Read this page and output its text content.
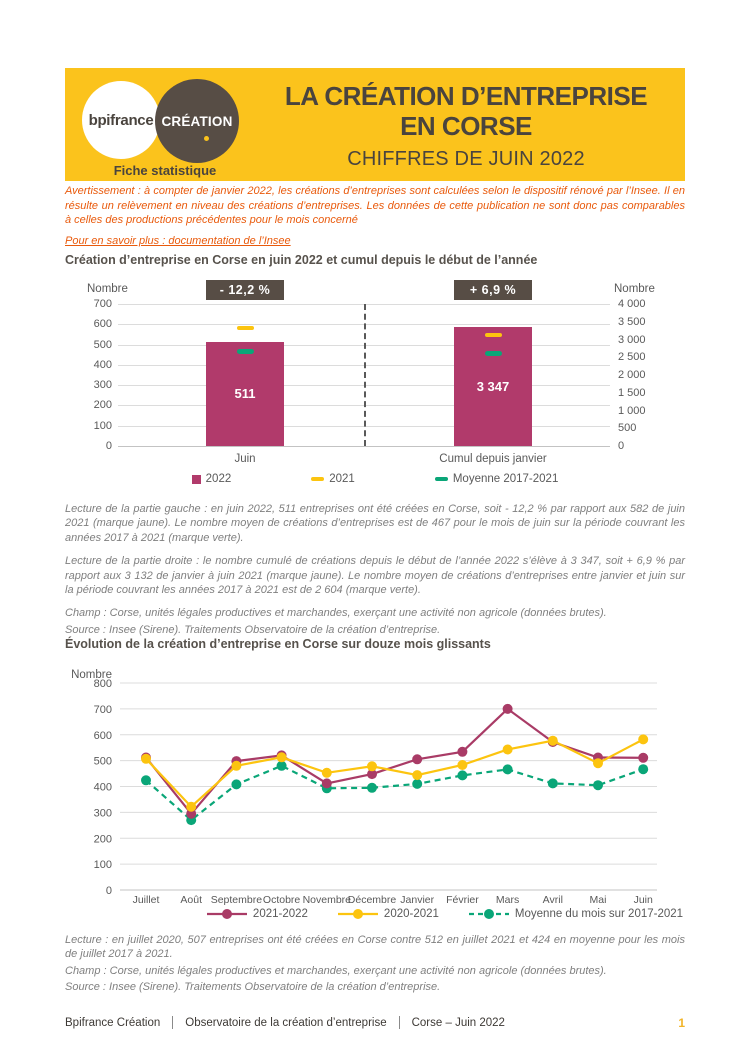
bpifrance CRÉATION
Fiche statistique
LA CRÉATION D’ENTREPRISE
EN CORSE
CHIFFRES DE JUIN 2022

Avertissement : à compter de janvier 2022, les créations d’entreprises sont calculées selon le dispositif rénové par l’Insee. Il en résulte un relèvement en niveau des créations d’entreprises. Les données de cette publication ne sont donc pas comparables à celles des productions précédentes pour le mois concerné

Pour en savoir plus : documentation de l’Insee

Création d’entreprise en Corse en juin 2022 et cumul depuis le début de l’année
0
100
200
300
400
500
600
700
0
500
1 000
1 500
2 000
2 500
3 000
3 500
4 000
Nombre	Nombre
- 12,2 %
511
Juin
+ 6,9 %
3 347
Cumul depuis janvier
2022	2021	Moyenne 2017-2021

Lecture de la partie gauche : en juin 2022, 511 entreprises ont été créées en Corse, soit - 12,2 % par rapport aux 582 de juin 2021 (marque jaune). Le nombre moyen de créations d’entreprises est de 467 pour le mois de juin sur la période couvrant les années 2017 à 2021 (marque verte).

Lecture de la partie droite : le nombre cumulé de créations depuis le début de l’année 2022 s’élève à 3 347, soit + 6,9 % par rapport aux 3 132 de janvier à juin 2021 (marque jaune). Le nombre moyen de créations d’entreprises entre janvier et juin sur la période couvrant les années 2017 à 2021 est de 2 604 (marque verte).

Champ : Corse, unités légales productives et marchandes, exerçant une activité non agricole (données brutes).

Source : Insee (Sirene). Traitements Observatoire de la création d’entreprise.

Évolution de la création d’entreprise en Corse sur douze mois glissants
0
100
200
300
400
500
600
700
800
Nombre
Juillet Août Septembre Octobre Novembre
Décembre Janvier Février Mars Avril	Mai	Juin
2021-2022	2020-2021	Moyenne du mois sur 2017-2021

Lecture : en juillet 2020, 507 entreprises ont été créées en Corse contre 512 en juillet 2021 et 424 en moyenne pour les mois de juillet 2017 à 2021.

Champ : Corse, unités légales productives et marchandes, exerçant une activité non agricole (données brutes).

Source : Insee (Sirene). Traitements Observatoire de la création d’entreprise.

Bpifrance Création Observatoire de la création d’entreprise Corse – Juin 2022	1
